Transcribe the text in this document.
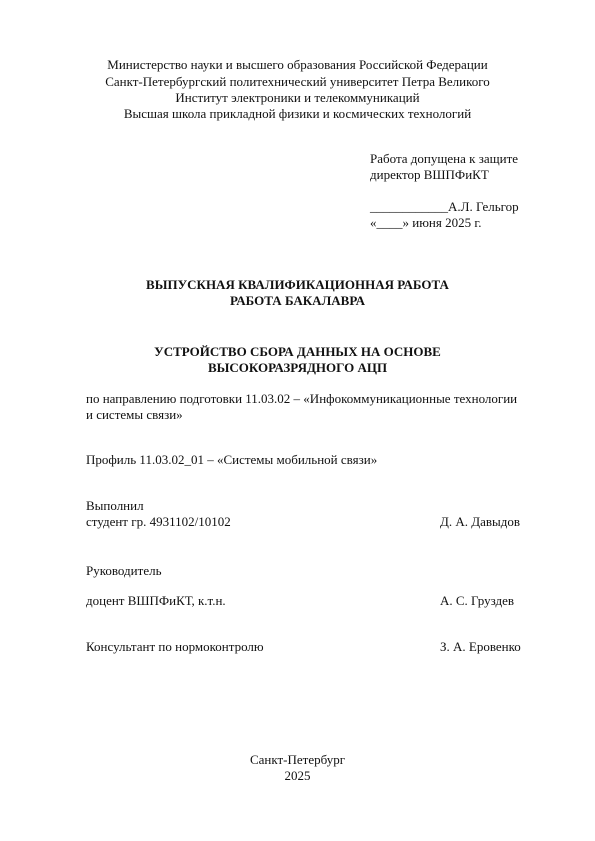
Министерство науки и высшего образования Российской Федерации
Санкт-Петербургский политехнический университет Петра Великого
Институт электроники и телекоммуникаций
Высшая школа прикладной физики и космических технологий
Работа допущена к защите
директор ВШПФиКТ
____________А.Л. Гельгор
«____» июня 2025 г.
ВЫПУСКНАЯ КВАЛИФИКАЦИОННАЯ РАБОТА
РАБОТА БАКАЛАВРА
УСТРОЙСТВО СБОРА ДАННЫХ НА ОСНОВЕ
ВЫСОКОРАЗРЯДНОГО АЦП
по направлению подготовки 11.03.02 – «Инфокоммуникационные технологии
и системы связи»
Профиль 11.03.02_01 – «Системы мобильной связи»
Выполнил
студент гр. 4931102/10102	Д. А. Давыдов
Руководитель
доцент ВШПФиКТ, к.т.н.	А. С. Груздев
Консультант по нормоконтролю	З. А. Еровенко
Санкт-Петербург
2025
